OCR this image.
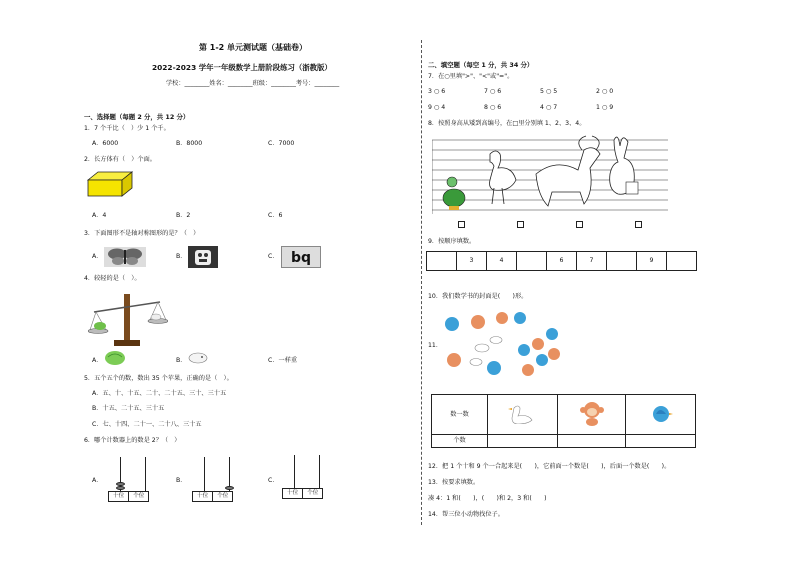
第 1-2 单元测试题（基础卷）
2022-2023 学年一年级数学上册阶段练习（浙教版）
学校：________姓名：________班级：________考号：________
一、选择题（每题 2 分，共 12 分）
1．7 个千比（　）少 1 个千。
A．6000	B．8000	C．7000
2．长方体有（　）个面。
A．4	B．2	C．6
3．下面图形不是轴对称图形的是？（　）
A．	B．	C． bq
4．较轻的是（　）。
A．	B．	C．一样重
5．五个五个的数，数出 35 个苹果，正确的是（　）。
A．五、十、十五、二十、二十五、三十、三十五
B．十五、二十五、三十五
C．七、十四、二十一、二十八、三十五
6．哪个计数器上的数是 2？（　）
A．
十位	个位
B．
十位	个位
C．
十位	个位
二、填空题（每空 1 分，共 34 分）
7．在○里填">"、"<"或"="。
3 ○ 6	7 ○ 6	5 ○ 5	2 ○ 0
9 ○ 4	8 ○ 6	4 ○ 7	1 ○ 9
8．按照身高从矮到高编号，在□里分别填 1、2、3、4。
9．按顺序填数。
	3	4		6	7		9	
10．我们数学书的封面是(　　)形。
11．
数一数			
个数			
12．把 1 个十和 9 个一合起来是(　　)，它前面一个数是(　　)，后面一个数是(　　)。
13．按要求填数。
凑 4：1 和(　　)，(　　)和 2，3 和(　　)
14．帮三位小动物找位子。
